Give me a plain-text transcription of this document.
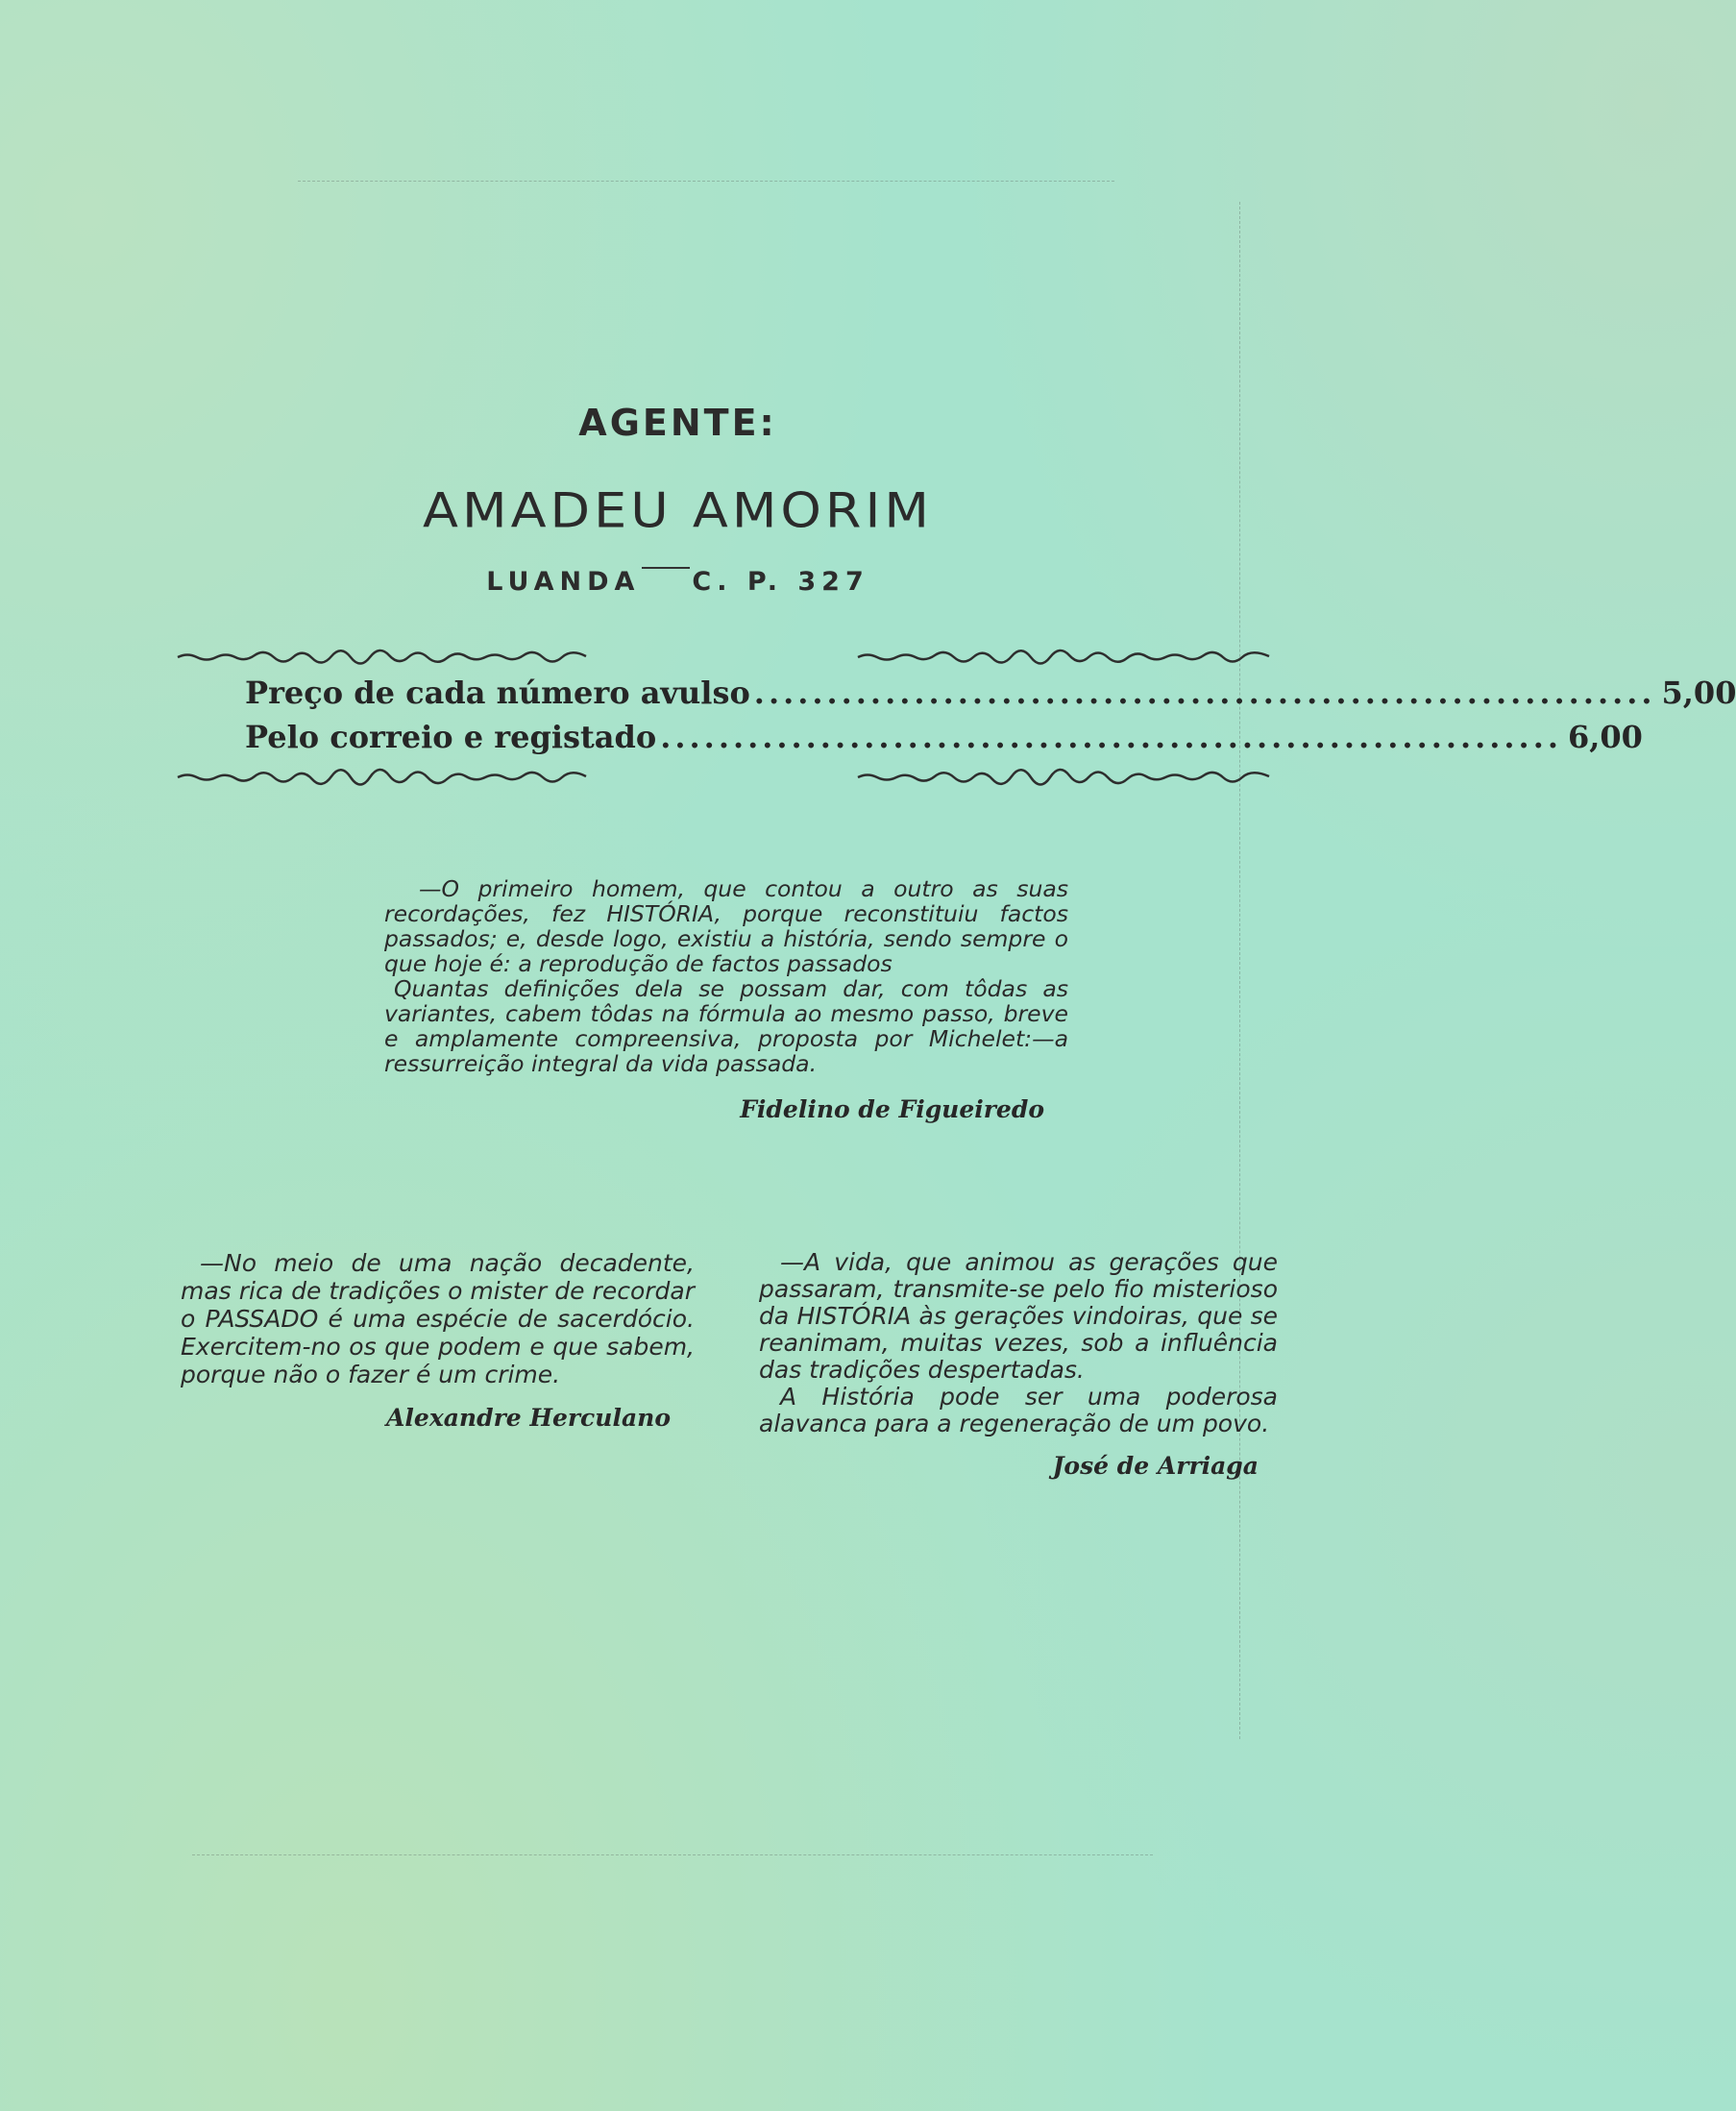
AGENTE:
AMADEU AMORIM
LUANDA C. P. 327
Preço de cada número avulso .............................................................. 5,00
Pelo correio e registado .............................................................. 6,00

—O primeiro homem, que contou a outro as suas recordações, fez HISTÓRIA, porque reconstituiu factos passados; e, desde logo, existiu a história, sendo sempre o que hoje é: a reprodução de factos passados

Quantas definições dela se possam dar, com tôdas as variantes, cabem tôdas na fórmula ao mesmo passo, breve e amplamente compreensiva, proposta por Michelet:—a ressurreição integral da vida passada.

Fidelino de Figueiredo

—No meio de uma nação decadente, mas rica de tradições o mister de recordar o PASSADO é uma espécie de sacerdócio. Exercitem-no os que podem e que sabem, porque não o fazer é um crime.

Alexandre Herculano

—A vida, que animou as gerações que passaram, transmite-se pelo fio misterioso da HISTÓRIA às gerações vindoiras, que se reanimam, muitas vezes, sob a influência das tradições despertadas.

A História pode ser uma poderosa alavanca para a regeneração de um povo.

José de Arriaga
